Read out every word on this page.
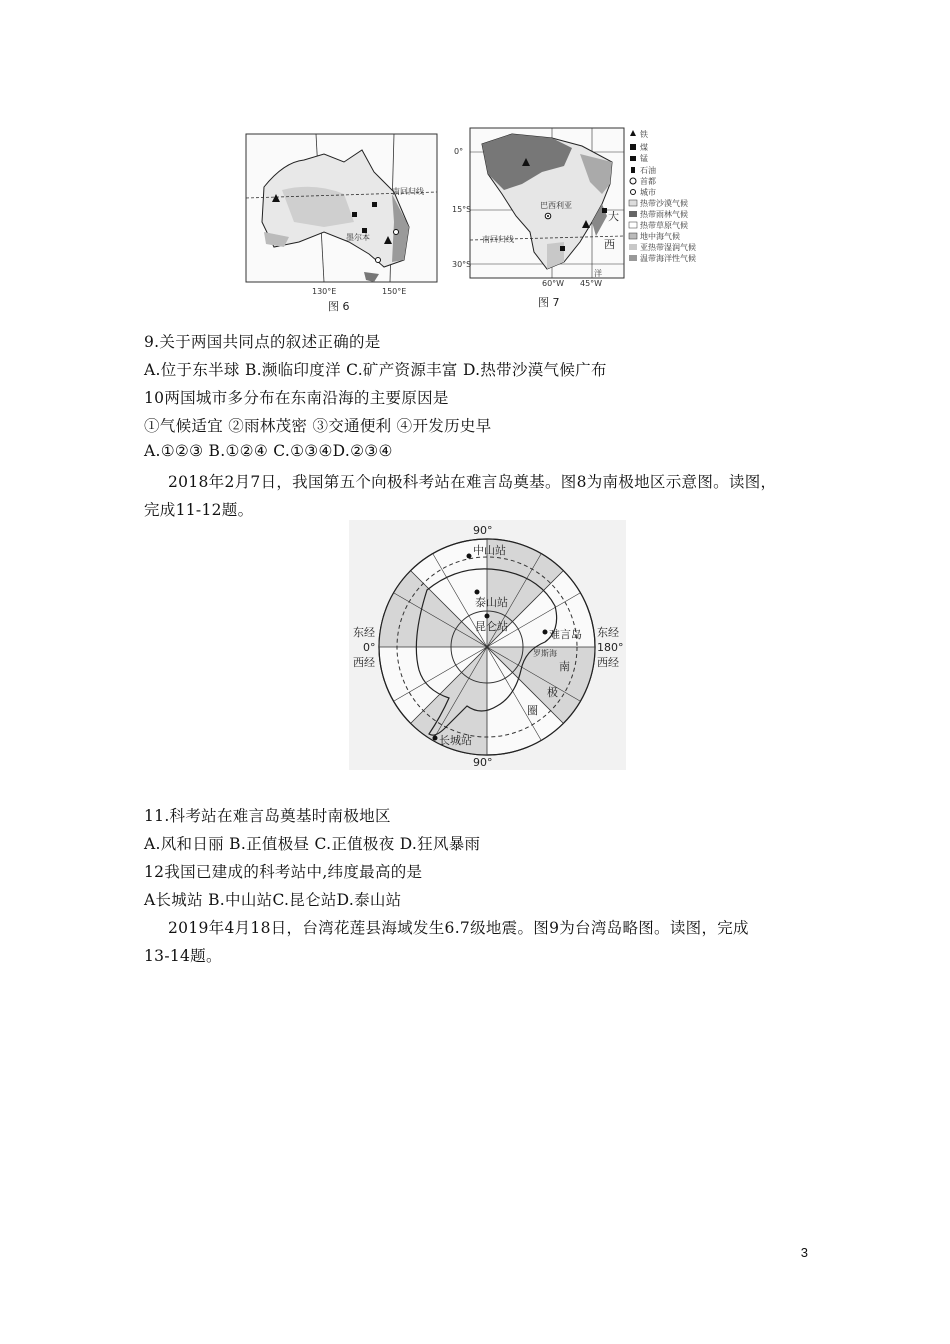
南回归线
墨尔本
130°E	150°E
图 6
0°
15°S
30°S
南回归线
巴西利亚
大
西
洋
60°W 45°W
图 7
铁
煤
锰
石油
首都
城市
热带沙漠气候
热带雨林气候
热带草原气候
地中海气候
亚热带湿润气候
温带海洋性气候
9.关于两国共同点的叙述正确的是
A.位于东半球 B.濒临印度洋 C.矿产资源丰富 D.热带沙漠气候广布
10两国城市多分布在东南沿海的主要原因是
①气候适宜 ②雨林茂密 ③交通便利 ④开发历史早
A.①②③ B.①②④ C.①③④D.②③④
2018年2月7日，我国第五个向极科考站在难言岛奠基。图8为南极地区示意图。读图，
完成11-12题。
90°
90°
东经
0°
西经
东经
180°
西经
中山站
泰山站
昆仑站
难言岛
罗斯海
南
极
圈
长城站
11.科考站在难言岛奠基时南极地区
A.风和日丽 B.正值极昼 C.正值极夜 D.狂风暴雨
12我国已建成的科考站中,纬度最高的是
A长城站 B.中山站C.昆仑站D.泰山站
2019年4月18日，台湾花莲县海域发生6.7级地震。图9为台湾岛略图。读图，完成
13-14题。
3
